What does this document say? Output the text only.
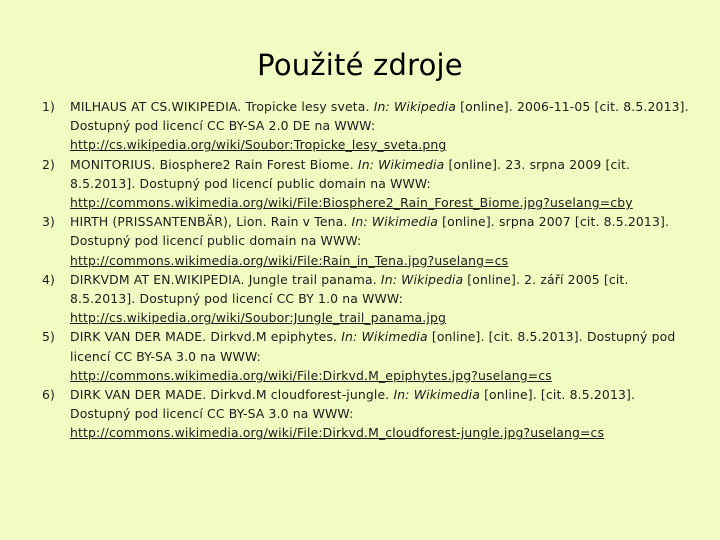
Použité zdroje
1) MILHAUS AT CS.WIKIPEDIA. Tropicke lesy sveta. In: Wikipedia [online]. 2006-11-05 [cit. 8.5.2013]. Dostupný pod licencí CC BY-SA 2.0 DE na WWW:
http://cs.wikipedia.org/wiki/Soubor:Tropicke_lesy_sveta.png
2) MONITORIUS. Biosphere2 Rain Forest Biome. In: Wikimedia [online]. 23. srpna 2009 [cit. 8.5.2013]. Dostupný pod licencí public domain na WWW:
http://commons.wikimedia.org/wiki/File:Biosphere2_Rain_Forest_Biome.jpg?uselang=cby
3) HIRTH (PRISSANTENBÄR), Lion. Rain v Tena. In: Wikimedia [online]. srpna 2007 [cit. 8.5.2013]. Dostupný pod licencí public domain na WWW:
http://commons.wikimedia.org/wiki/File:Rain_in_Tena.jpg?uselang=cs
4) DIRKVDM AT EN.WIKIPEDIA. Jungle trail panama. In: Wikipedia [online]. 2. září 2005 [cit. 8.5.2013]. Dostupný pod licencí CC BY 1.0 na WWW:
http://cs.wikipedia.org/wiki/Soubor:Jungle_trail_panama.jpg
5) DIRK VAN DER MADE. Dirkvd.M epiphytes. In: Wikimedia [online]. [cit. 8.5.2013]. Dostupný pod licencí CC BY-SA 3.0 na WWW:
http://commons.wikimedia.org/wiki/File:Dirkvd.M_epiphytes.jpg?uselang=cs
6) DIRK VAN DER MADE. Dirkvd.M cloudforest-jungle. In: Wikimedia [online]. [cit. 8.5.2013]. Dostupný pod licencí CC BY-SA 3.0 na WWW:
http://commons.wikimedia.org/wiki/File:Dirkvd.M_cloudforest-jungle.jpg?uselang=cs
